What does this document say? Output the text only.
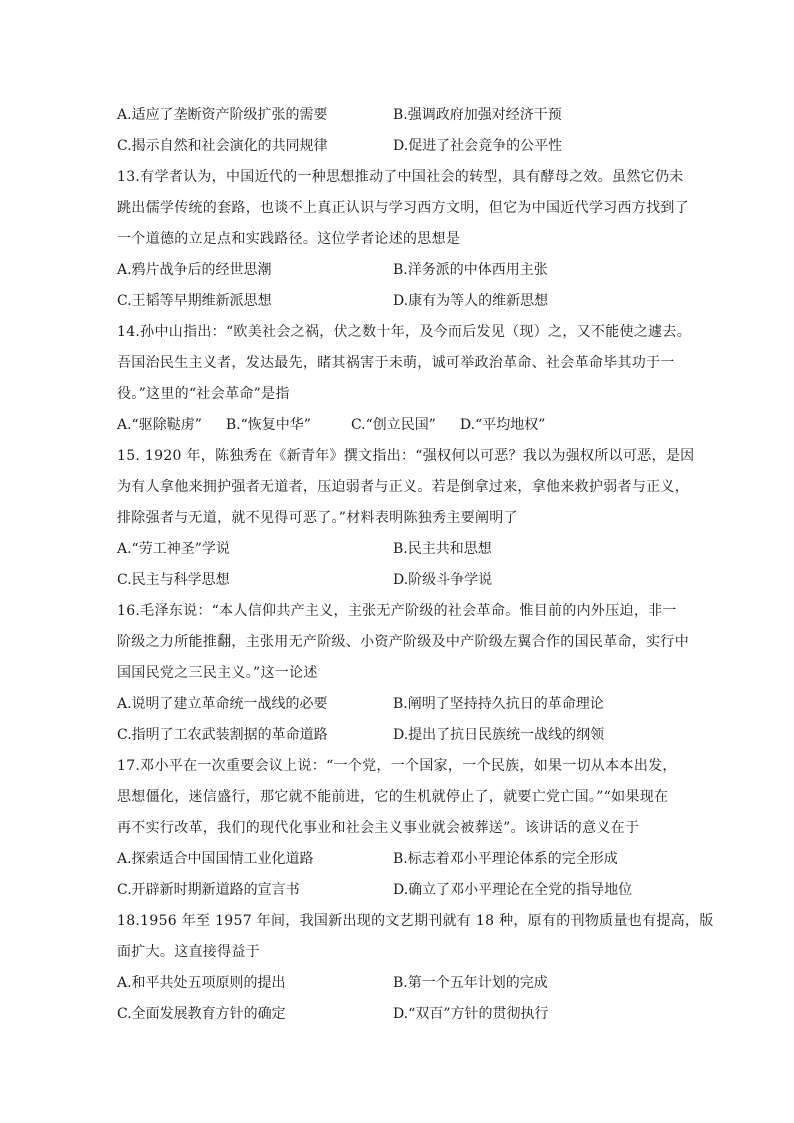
A.适应了垄断资产阶级扩张的需要	B.强调政府加强对经济干预
C.揭示自然和社会演化的共同规律	D.促进了社会竞争的公平性
13.有学者认为，中国近代的一种思想推动了中国社会的转型，具有酵母之效。虽然它仍未
跳出儒学传统的套路，也谈不上真正认识与学习西方文明，但它为中国近代学习西方找到了
一个道德的立足点和实践路径。这位学者论述的思想是
A.鸦片战争后的经世思潮	B.洋务派的中体西用主张
C.王韬等早期维新派思想	D.康有为等人的维新思想
14.孙中山指出：“欧美社会之祸，伏之数十年，及今而后发见（现）之，又不能使之遽去。
吾国治民生主义者，发达最先，睹其祸害于未萌，诚可举政治革命、社会革命毕其功于一
役。”这里的“社会革命”是指
A.“驱除鞑虏” B.“恢复中华”	C.“创立民国” D.“平均地权”
15. 1920 年，陈独秀在《新青年》撰文指出：“强权何以可恶？我以为强权所以可恶，是因
为有人拿他来拥护强者无道者，压迫弱者与正义。若是倒拿过来，拿他来救护弱者与正义，
排除强者与无道，就不见得可恶了。”材料表明陈独秀主要阐明了
A.“劳工神圣”学说	B.民主共和思想
C.民主与科学思想	D.阶级斗争学说
16.毛泽东说：“本人信仰共产主义，主张无产阶级的社会革命。惟目前的内外压迫，非一
阶级之力所能推翻，主张用无产阶级、小资产阶级及中产阶级左翼合作的国民革命，实行中
国国民党之三民主义。”这一论述
A.说明了建立革命统一战线的必要	B.阐明了坚持持久抗日的革命理论
C.指明了工农武装割据的革命道路	D.提出了抗日民族统一战线的纲领
17.邓小平在一次重要会议上说：“一个党，一个国家，一个民族，如果一切从本本出发，
思想僵化，迷信盛行，那它就不能前进，它的生机就停止了，就要亡党亡国。”“如果现在
再不实行改革，我们的现代化事业和社会主义事业就会被葬送”。该讲话的意义在于
A.探索适合中国国情工业化道路	B.标志着邓小平理论体系的完全形成
C.开辟新时期新道路的宣言书	D.确立了邓小平理论在全党的指导地位
18.1956 年至 1957 年间，我国新出现的文艺期刊就有 18 种，原有的刊物质量也有提高，版
面扩大。这直接得益于
A.和平共处五项原则的提出	B.第一个五年计划的完成
C.全面发展教育方针的确定	D.“双百”方针的贯彻执行
